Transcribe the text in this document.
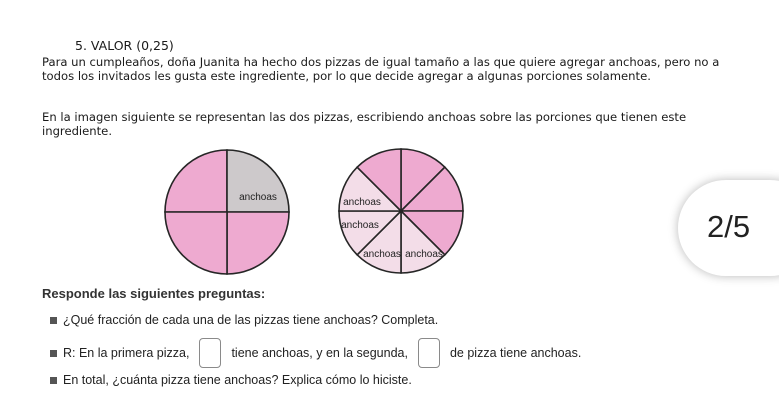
5. VALOR (0,25)

Para un cumpleaños, doña Juanita ha hecho dos pizzas de igual tamaño a las que quiere agregar anchoas, pero no a todos los invitados les gusta este ingrediente, por lo que decide agregar a algunas porciones solamente.

En la imagen siguiente se representan las dos pizzas, escribiendo anchoas sobre las porciones que tienen este ingrediente.

anchoas	anchoas
anchoas
anchoas anchoas
2/5
Responde las siguientes preguntas:
¿Qué fracción de cada una de las pizzas tiene anchoas? Completa.
R: En la primera pizza,	tiene anchoas, y en la segunda,	de pizza tiene anchoas.
En total, ¿cuánta pizza tiene anchoas? Explica cómo lo hiciste.
